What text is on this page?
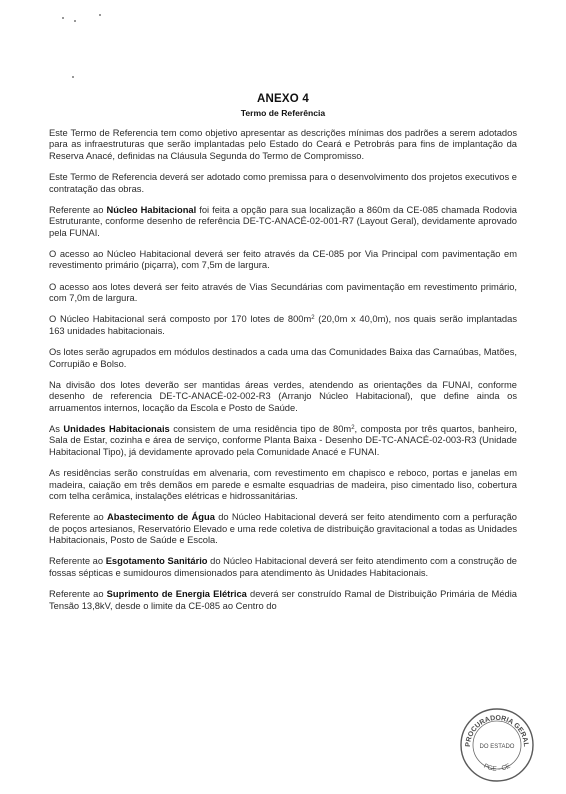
ANEXO 4
Termo de Referência

Este Termo de Referencia tem como objetivo apresentar as descrições mínimas dos padrões a serem adotados para as infraestruturas que serão implantadas pelo Estado do Ceará e Petrobrás para fins de implantação da Reserva Anacé, definidas na Cláusula Segunda do Termo de Compromisso.

Este Termo de Referencia deverá ser adotado como premissa para o desenvolvimento dos projetos executivos e contratação das obras.

Referente ao Núcleo Habitacional foi feita a opção para sua localização a 860m da CE-085 chamada Rodovia Estruturante, conforme desenho de referência DE-TC-ANACÉ-02-001-R7 (Layout Geral), devidamente aprovado pela FUNAI.

O acesso ao Núcleo Habitacional deverá ser feito através da CE-085 por Via Principal com pavimentação em revestimento primário (piçarra), com 7,5m de largura.

O acesso aos lotes deverá ser feito através de Vias Secundárias com pavimentação em revestimento primário, com 7,0m de largura.

O Núcleo Habitacional será composto por 170 lotes de $800m^2$ (20,0m x 40,0m), nos quais serão implantadas 163 unidades habitacionais.

Os lotes serão agrupados em módulos destinados a cada uma das Comunidades Baixa das Carnaúbas, Matões, Corrupião e Bolso.

Na divisão dos lotes deverão ser mantidas áreas verdes, atendendo as orientações da FUNAI, conforme desenho de referencia DE-TC-ANACÉ-02-002-R3 (Arranjo Núcleo Habitacional), que define ainda os arruamentos internos, locação da Escola e Posto de Saúde.

As Unidades Habitacionais consistem de uma residência tipo de $80m^2$, composta por três quartos, banheiro, Sala de Estar, cozinha e área de serviço, conforme Planta Baixa - Desenho DE-TC-ANACÉ-02-003-R3 (Unidade Habitacional Tipo), já devidamente aprovado pela Comunidade Anacé e FUNAI.

As residências serão construídas em alvenaria, com revestimento em chapisco e reboco, portas e janelas em madeira, caiação em três demãos em parede e esmalte esquadrias de madeira, piso cimentado liso, cobertura com telha cerâmica, instalações elétricas e hidrossanitárias.

Referente ao Abastecimento de Água do Núcleo Habitacional deverá ser feito atendimento com a perfuração de poços artesianos, Reservatório Elevado e uma rede coletiva de distribuição gravitacional a todas as Unidades Habitacionais, Posto de Saúde e Escola.

Referente ao Esgotamento Sanitário do Núcleo Habitacional deverá ser feito atendimento com a construção de fossas sépticas e sumidouros dimensionados para atendimento às Unidades Habitacionais.

Referente ao Suprimento de Energia Elétrica deverá ser construído Ramal de Distribuição Primária de Média Tensão 13,8kV, desde o limite da CE-085 ao Centro do

PROCURADORIA GERAL
PGE - CE
DO ESTADO
